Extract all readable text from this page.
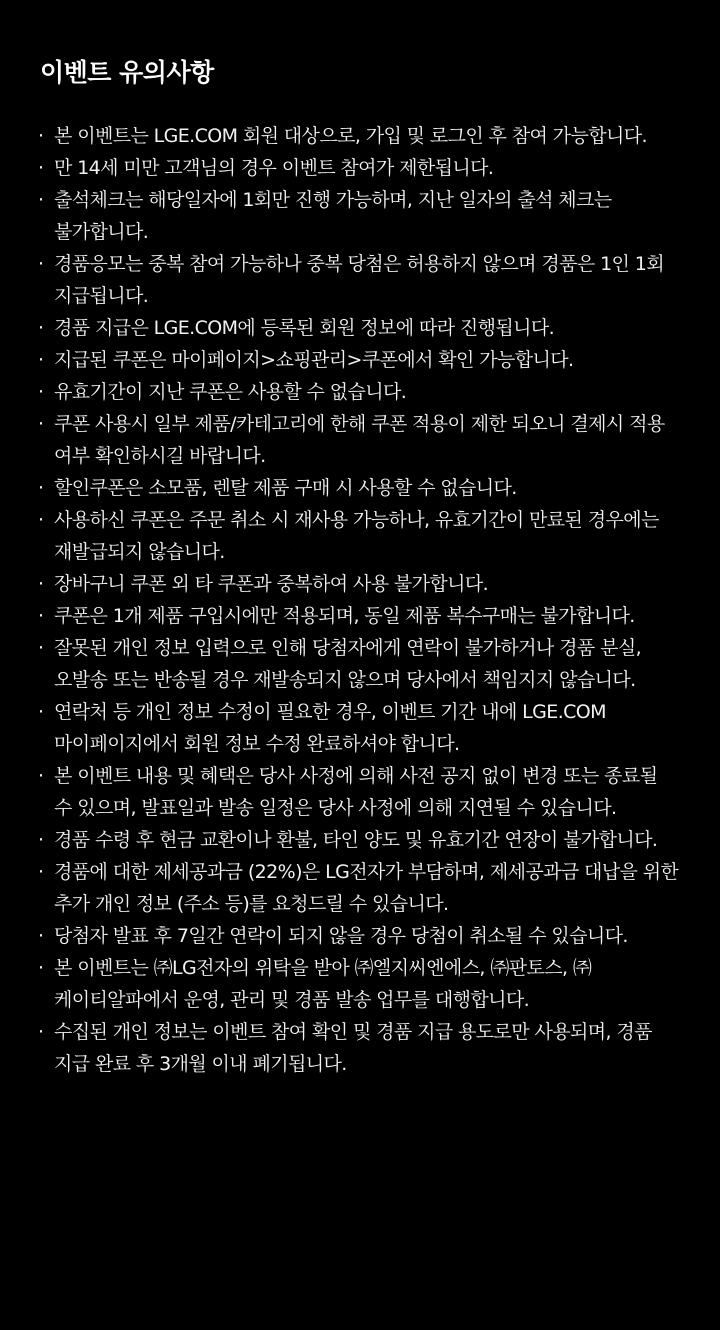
이벤트 유의사항
· 본 이벤트는 LGE.COM 회원 대상으로, 가입 및 로그인 후 참여 가능합니다.
· 만 14세 미만 고객님의 경우 이벤트 참여가 제한됩니다.
· 출석체크는 해당일자에 1회만 진행 가능하며, 지난 일자의 출석 체크는 불가합니다.
· 경품응모는 중복 참여 가능하나 중복 당첨은 허용하지 않으며 경품은 1인 1회 지급됩니다.
· 경품 지급은 LGE.COM에 등록된 회원 정보에 따라 진행됩니다.
· 지급된 쿠폰은 마이페이지>쇼핑관리>쿠폰에서 확인 가능합니다.
· 유효기간이 지난 쿠폰은 사용할 수 없습니다.
· 쿠폰 사용시 일부 제품/카테고리에 한해 쿠폰 적용이 제한 되오니 결제시 적용 여부 확인하시길 바랍니다.
· 할인쿠폰은 소모품, 렌탈 제품 구매 시 사용할 수 없습니다.
· 사용하신 쿠폰은 주문 취소 시 재사용 가능하나, 유효기간이 만료된 경우에는 재발급되지 않습니다.
· 장바구니 쿠폰 외 타 쿠폰과 중복하여 사용 불가합니다.
· 쿠폰은 1개 제품 구입시에만 적용되며, 동일 제품 복수구매는 불가합니다.
· 잘못된 개인 정보 입력으로 인해 당첨자에게 연락이 불가하거나 경품 분실, 오발송 또는 반송될 경우 재발송되지 않으며 당사에서 책임지지 않습니다.
· 연락처 등 개인 정보 수정이 필요한 경우, 이벤트 기간 내에 LGE.COM 마이페이지에서 회원 정보 수정 완료하셔야 합니다.
· 본 이벤트 내용 및 혜택은 당사 사정에 의해 사전 공지 없이 변경 또는 종료될 수 있으며, 발표일과 발송 일정은 당사 사정에 의해 지연될 수 있습니다.
· 경품 수령 후 현금 교환이나 환불, 타인 양도 및 유효기간 연장이 불가합니다.
· 경품에 대한 제세공과금 (22%)은 LG전자가 부담하며, 제세공과금 대납을 위한 추가 개인 정보 (주소 등)를 요청드릴 수 있습니다.
· 당첨자 발표 후 7일간 연락이 되지 않을 경우 당첨이 취소될 수 있습니다.
· 본 이벤트는 ㈜LG전자의 위탁을 받아 ㈜엘지씨엔에스, ㈜판토스, ㈜케이티알파에서 운영, 관리 및 경품 발송 업무를 대행합니다.
· 수집된 개인 정보는 이벤트 참여 확인 및 경품 지급 용도로만 사용되며, 경품 지급 완료 후 3개월 이내 폐기됩니다.
